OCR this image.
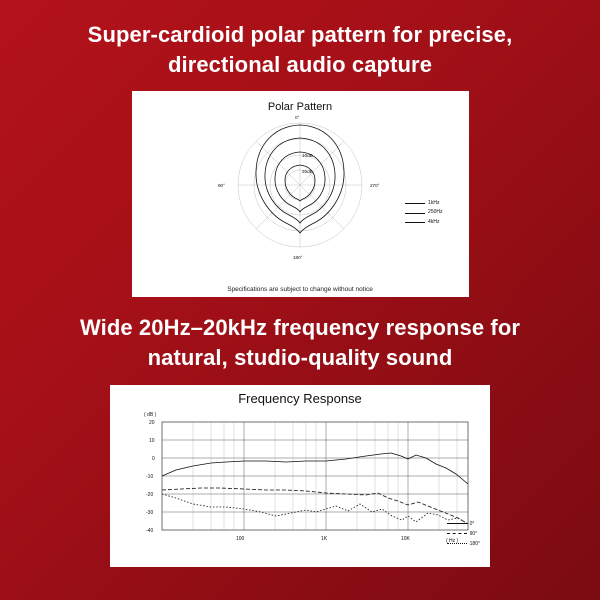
Super-cardioid polar pattern for precise, directional audio capture
Polar Pattern
10dB
20dB
0°
90°
180°
270°
1kHz
250Hz
4kHz
Specifications are subject to change without notice
Wide 20Hz–20kHz frequency response for natural, studio-quality sound
Frequency Response
20
10
0
-10
-20
-30
-40
( dB )
( Hz )
100	1K	10K
0°
90°
180°
